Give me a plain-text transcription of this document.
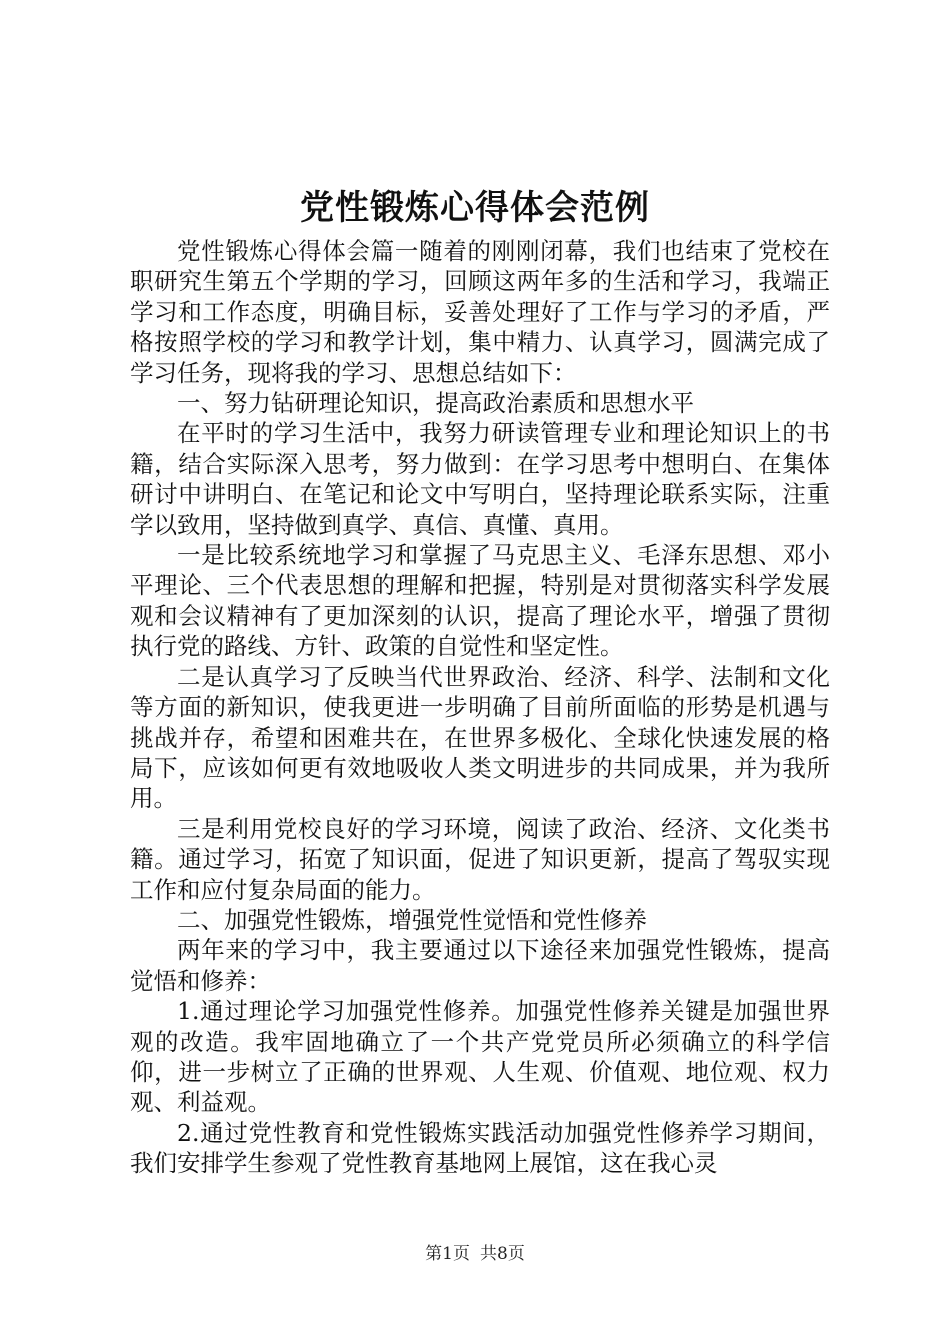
党性锻炼心得体会范例

党性锻炼心得体会篇一随着的刚刚闭幕，我们也结束了党校在职研究生第五个学期的学习，回顾这两年多的生活和学习，我端正学习和工作态度，明确目标，妥善处理好了工作与学习的矛盾，严格按照学校的学习和教学计划，集中精力、认真学习，圆满完成了学习任务，现将我的学习、思想总结如下：

一、努力钻研理论知识，提高政治素质和思想水平

在平时的学习生活中，我努力研读管理专业和理论知识上的书籍，结合实际深入思考，努力做到：在学习思考中想明白、在集体研讨中讲明白、在笔记和论文中写明白，坚持理论联系实际，注重学以致用，坚持做到真学、真信、真懂、真用。

一是比较系统地学习和掌握了马克思主义、毛泽东思想、邓小平理论、三个代表思想的理解和把握，特别是对贯彻落实科学发展观和会议精神有了更加深刻的认识，提高了理论水平，增强了贯彻执行党的路线、方针、政策的自觉性和坚定性。

二是认真学习了反映当代世界政治、经济、科学、法制和文化等方面的新知识，使我更进一步明确了目前所面临的形势是机遇与挑战并存，希望和困难共在，在世界多极化、全球化快速发展的格局下，应该如何更有效地吸收人类文明进步的共同成果，并为我所用。

三是利用党校良好的学习环境，阅读了政治、经济、文化类书籍。通过学习，拓宽了知识面，促进了知识更新，提高了驾驭实现工作和应付复杂局面的能力。

二、加强党性锻炼，增强党性觉悟和党性修养

两年来的学习中，我主要通过以下途径来加强党性锻炼，提高觉悟和修养：

1.通过理论学习加强党性修养。加强党性修养关键是加强世界观的改造。我牢固地确立了一个共产党党员所必须确立的科学信仰，进一步树立了正确的世界观、人生观、价值观、地位观、权力观、利益观。

2.通过党性教育和党性锻炼实践活动加强党性修养学习期间，我们安排学生参观了党性教育基地网上展馆，这在我心灵

第1页 共8页
